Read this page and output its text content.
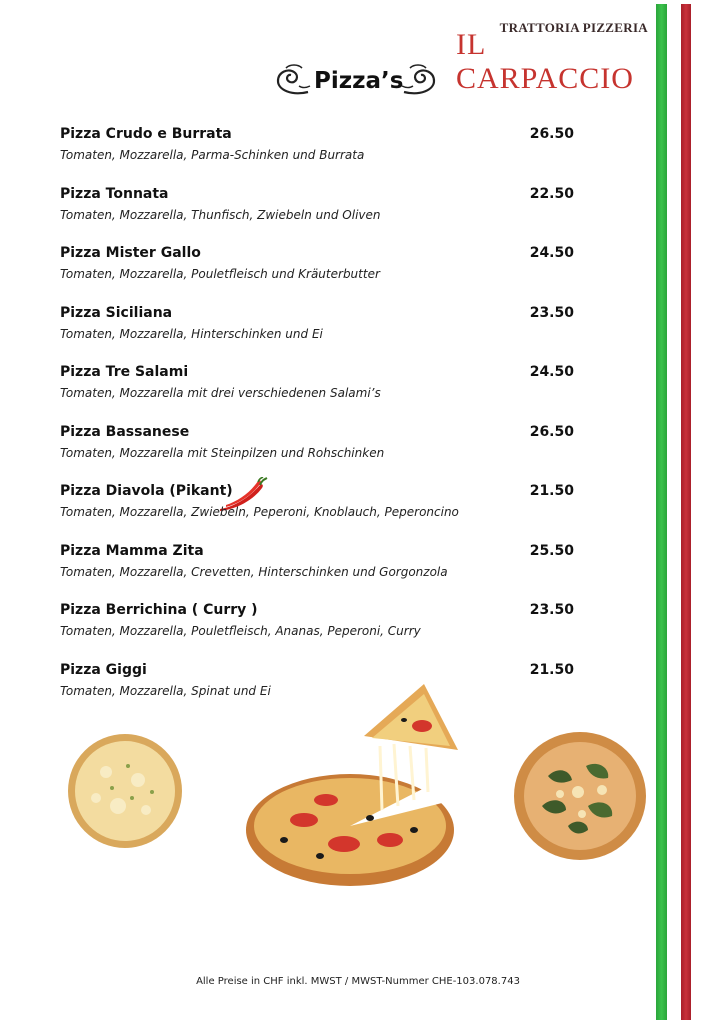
TRATTORIA PIZZERIA
IL CARPACCIO
Pizza’s
Pizza Crudo e Burrata	26.50
Tomaten, Mozzarella, Parma-Schinken und Burrata
Pizza Tonnata	22.50
Tomaten, Mozzarella, Thunfisch, Zwiebeln und Oliven
Pizza Mister Gallo	24.50
Tomaten, Mozzarella, Pouletfleisch und Kräuterbutter
Pizza Siciliana	23.50
Tomaten, Mozzarella, Hinterschinken und Ei
Pizza Tre Salami	24.50
Tomaten, Mozzarella mit drei verschiedenen Salami’s
Pizza Bassanese	26.50
Tomaten, Mozzarella mit Steinpilzen und Rohschinken
Pizza Diavola (Pikant)	21.50
Tomaten, Mozzarella, Zwiebeln, Peperoni, Knoblauch, Peperoncino
Pizza Mamma Zita	25.50
Tomaten, Mozzarella, Crevetten, Hinterschinken und Gorgonzola
Pizza Berrichina ( Curry )	23.50
Tomaten, Mozzarella, Pouletfleisch, Ananas, Peperoni, Curry
Pizza Giggi	21.50
Tomaten, Mozzarella, Spinat und Ei
Alle Preise in CHF inkl. MWST / MWST-Nummer CHE-103.078.743
